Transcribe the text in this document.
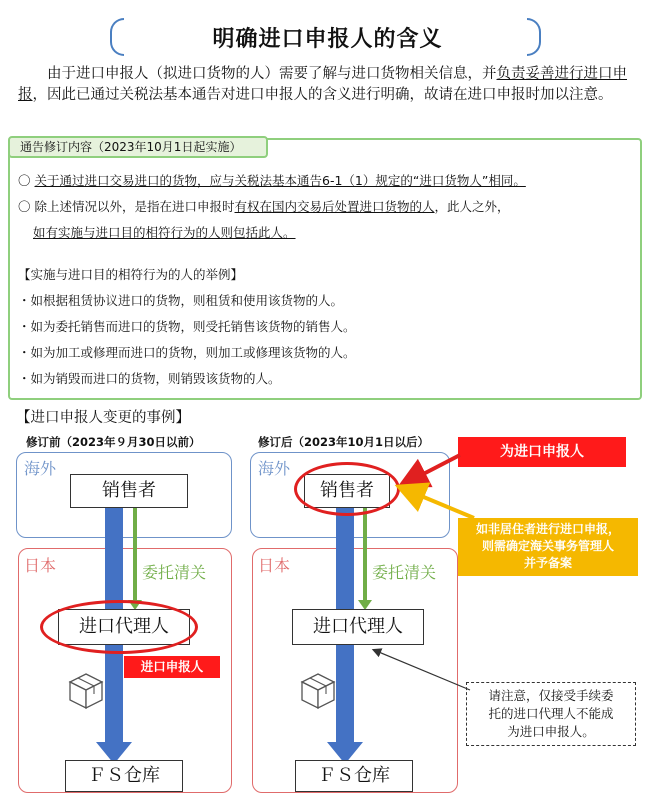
明确进口申报人的含义
由于进口申报人（拟进口货物的人）需要了解与进口货物相关信息，并负责妥善进行进口申报，因此已通过关税法基本通告对进口申报人的含义进行明确，故请在进口申报时加以注意。
通告修订内容（2023年10月1日起实施）
〇 关于通过进口交易进口的货物，应与关税法基本通告6-1（1）规定的“进口货物人”相同。
〇 除上述情况以外，是指在进口申报时有权在国内交易后处置进口货物的人，此人之外，
如有实施与进口目的相符行为的人则包括此人。
【实施与进口目的相符行为的人的举例】
・如根据租赁协议进口的货物，则租赁和使用该货物的人。
・如为委托销售而进口的货物，则受托销售该货物的销售人。
・如为加工或修理而进口的货物，则加工或修理该货物的人。
・如为销毁而进口的货物，则销毁该货物的人。
【进口申报人变更的事例】
修订前（2023年９月30日以前）
海外
日本	委托清关
销售者
进口代理人
进口申报人
ＦＳ仓库
修订后（2023年10月1日以后）
海外
日本	委托清关
销售者
进口代理人
ＦＳ仓库
为进口申报人
如非居住者进行进口申报，
则需确定海关事务管理人
并予备案
请注意，仅接受手续委
托的进口代理人不能成
为进口申报人。
